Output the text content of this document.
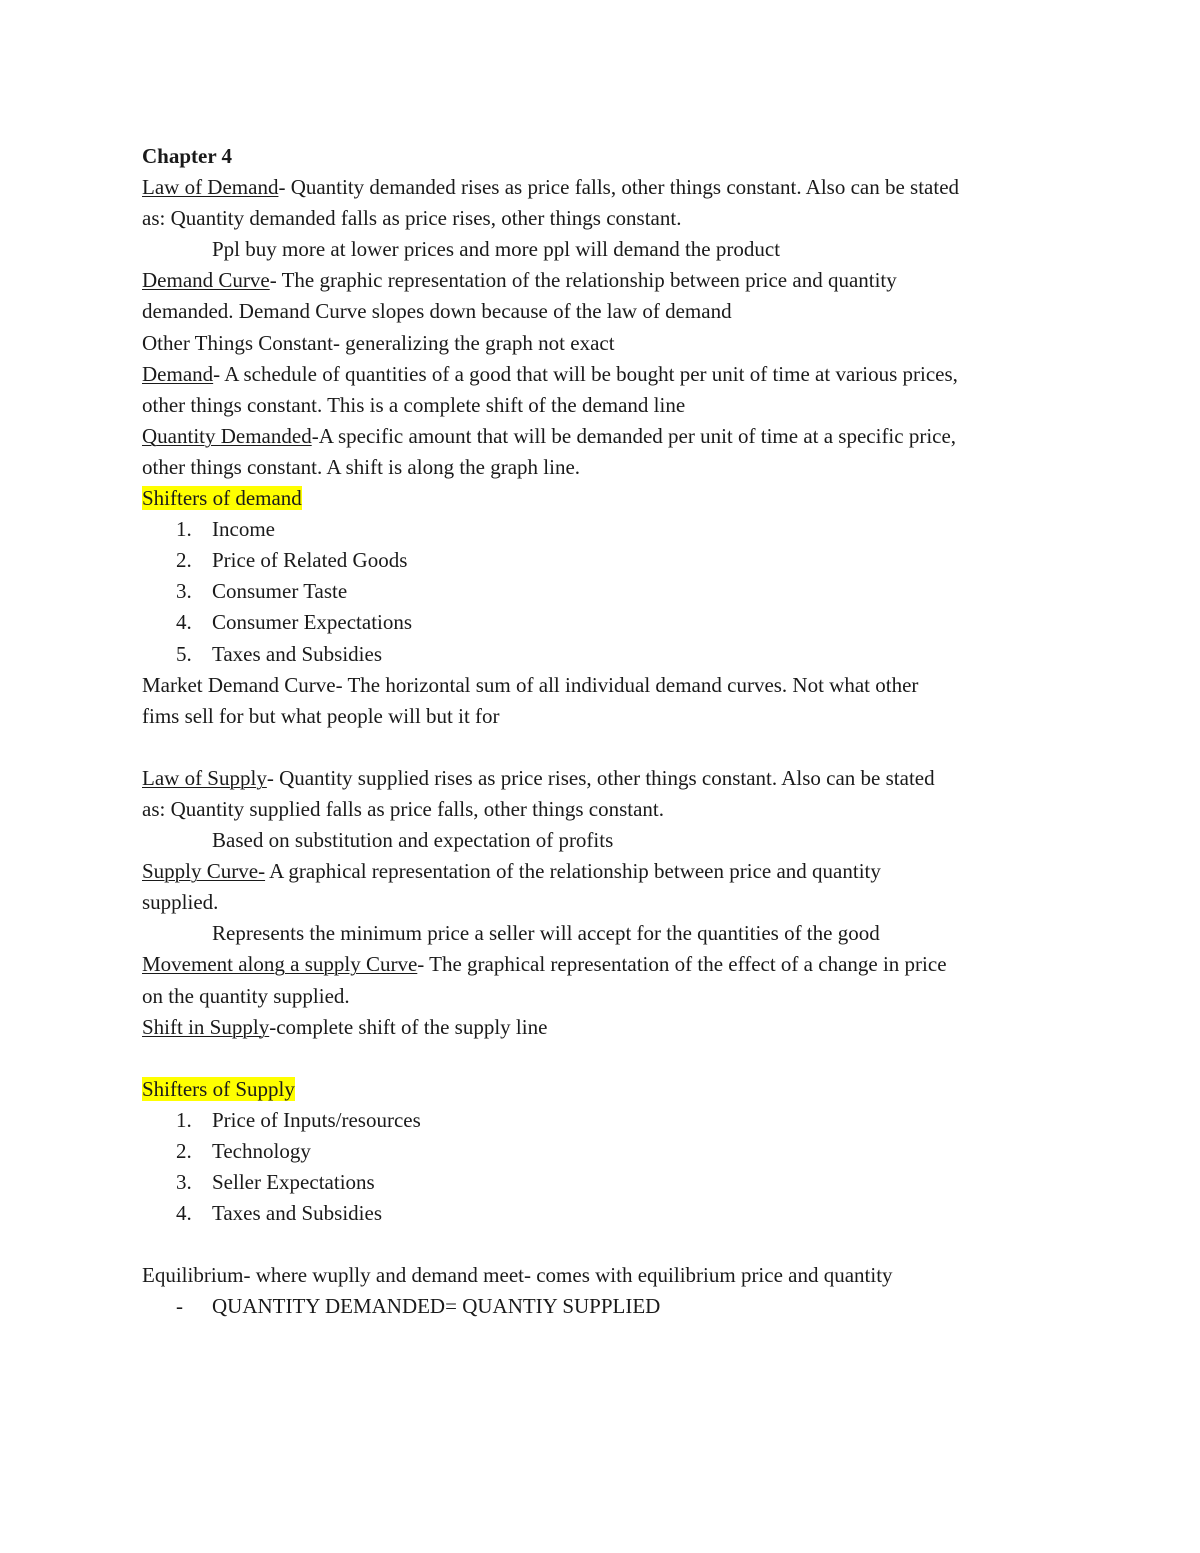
Chapter 4

Law of Demand- Quantity demanded rises as price falls, other things constant. Also can be stated

as: Quantity demanded falls as price rises, other things constant.

Ppl buy more at lower prices and more ppl will demand the product

Demand Curve- The graphic representation of the relationship between price and quantity

demanded. Demand Curve slopes down because of the law of demand

Other Things Constant- generalizing the graph not exact

Demand- A schedule of quantities of a good that will be bought per unit of time at various prices,

other things constant. This is a complete shift of the demand line

Quantity Demanded-A specific amount that will be demanded per unit of time at a specific price,

other things constant. A shift is along the graph line.

Shifters of demand

1. Income
2. Price of Related Goods
3. Consumer Taste
4. Consumer Expectations
5. Taxes and Subsidies

Market Demand Curve- The horizontal sum of all individual demand curves. Not what other

fims sell for but what people will but it for

Law of Supply- Quantity supplied rises as price rises, other things constant. Also can be stated

as: Quantity supplied falls as price falls, other things constant.

Based on substitution and expectation of profits

Supply Curve- A graphical representation of the relationship between price and quantity

supplied.

Represents the minimum price a seller will accept for the quantities of the good

Movement along a supply Curve- The graphical representation of the effect of a change in price

on the quantity supplied.

Shift in Supply-complete shift of the supply line

Shifters of Supply

1. Price of Inputs/resources
2. Technology
3. Seller Expectations
4. Taxes and Subsidies

Equilibrium- where wuplly and demand meet- comes with equilibrium price and quantity

- QUANTITY DEMANDED= QUANTIY SUPPLIED
